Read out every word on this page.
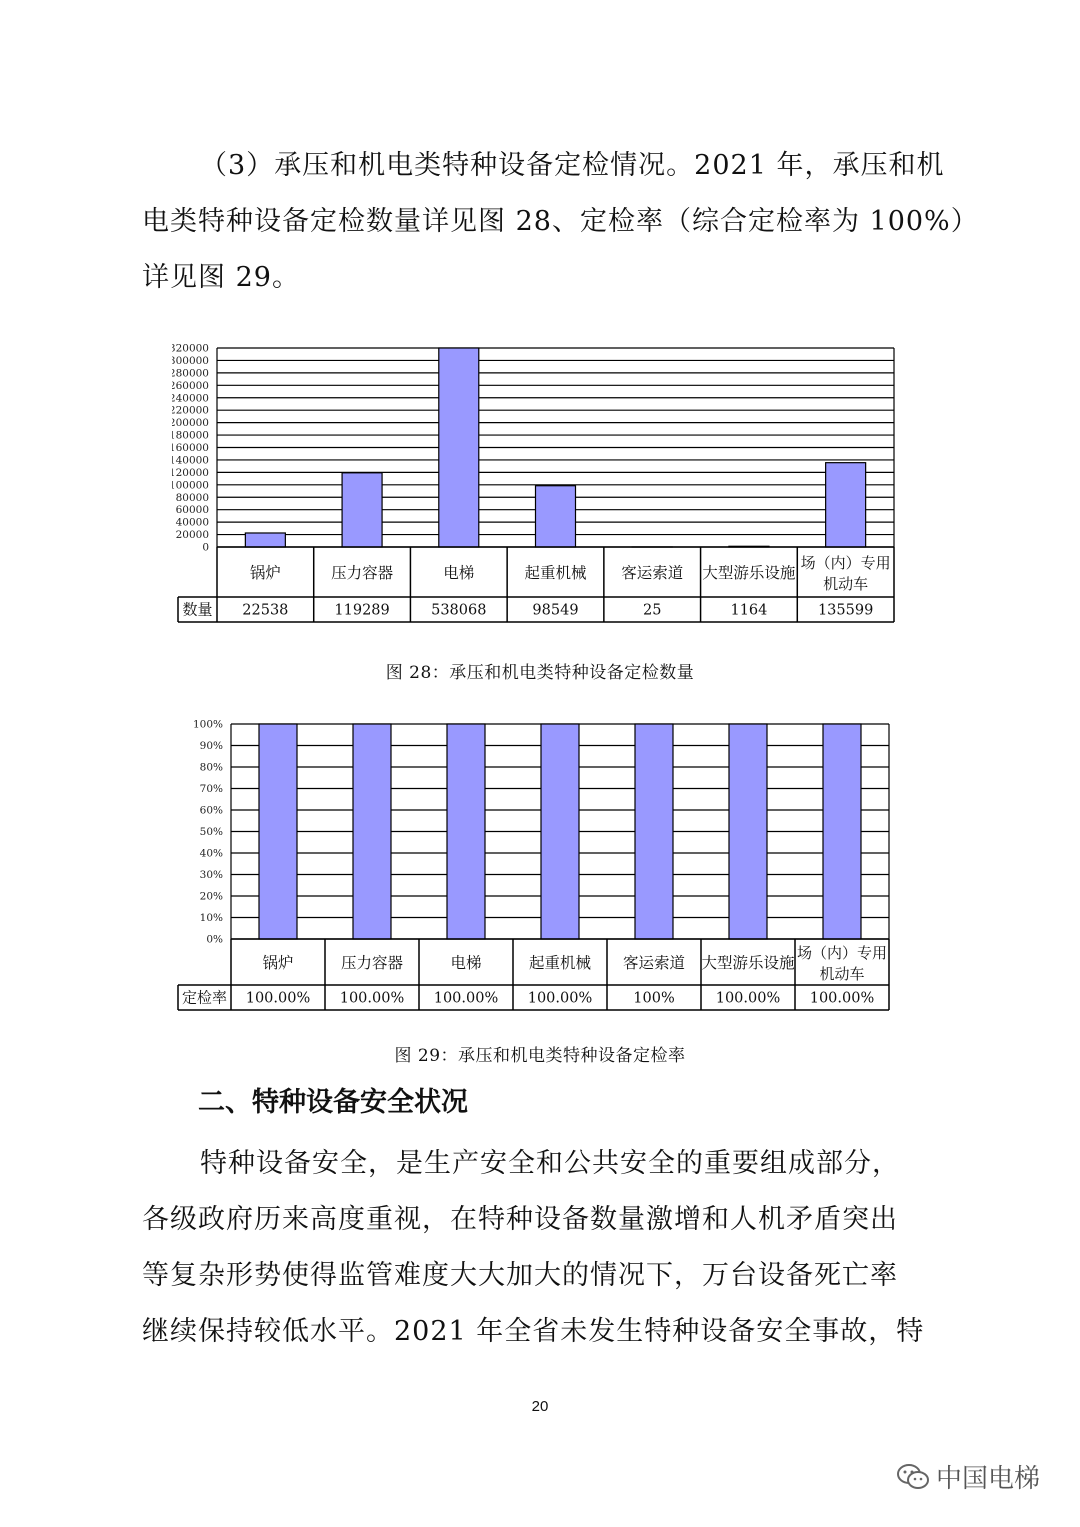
（3）承压和机电类特种设备定检情况。2021 年，承压和机
电类特种设备定检数量详见图 28、定检率（综合定检率为 100%）
详见图 29。
0
20000
40000
60000
80000
100000
120000
140000
160000
180000
200000
220000
240000
260000
280000
300000
320000
数量
锅炉
22538
压力容器
119289
电梯
538068
起重机械
98549
客运索道
25
大型游乐设施
1164
场（内）专用
机动车
135599
图 28：承压和机电类特种设备定检数量
0%
10%
20%
30%
40%
50%
60%
70%
80%
90%
100%
定检率
锅炉
100.00%
压力容器
100.00%
电梯
100.00%
起重机械
100.00%
客运索道
100%
大型游乐设施
100.00%
场（内）专用
机动车
100.00%
图 29：承压和机电类特种设备定检率
二、特种设备安全状况
特种设备安全，是生产安全和公共安全的重要组成部分，
各级政府历来高度重视，在特种设备数量激增和人机矛盾突出
等复杂形势使得监管难度大大加大的情况下，万台设备死亡率
继续保持较低水平。2021 年全省未发生特种设备安全事故，特
20
中国电梯
